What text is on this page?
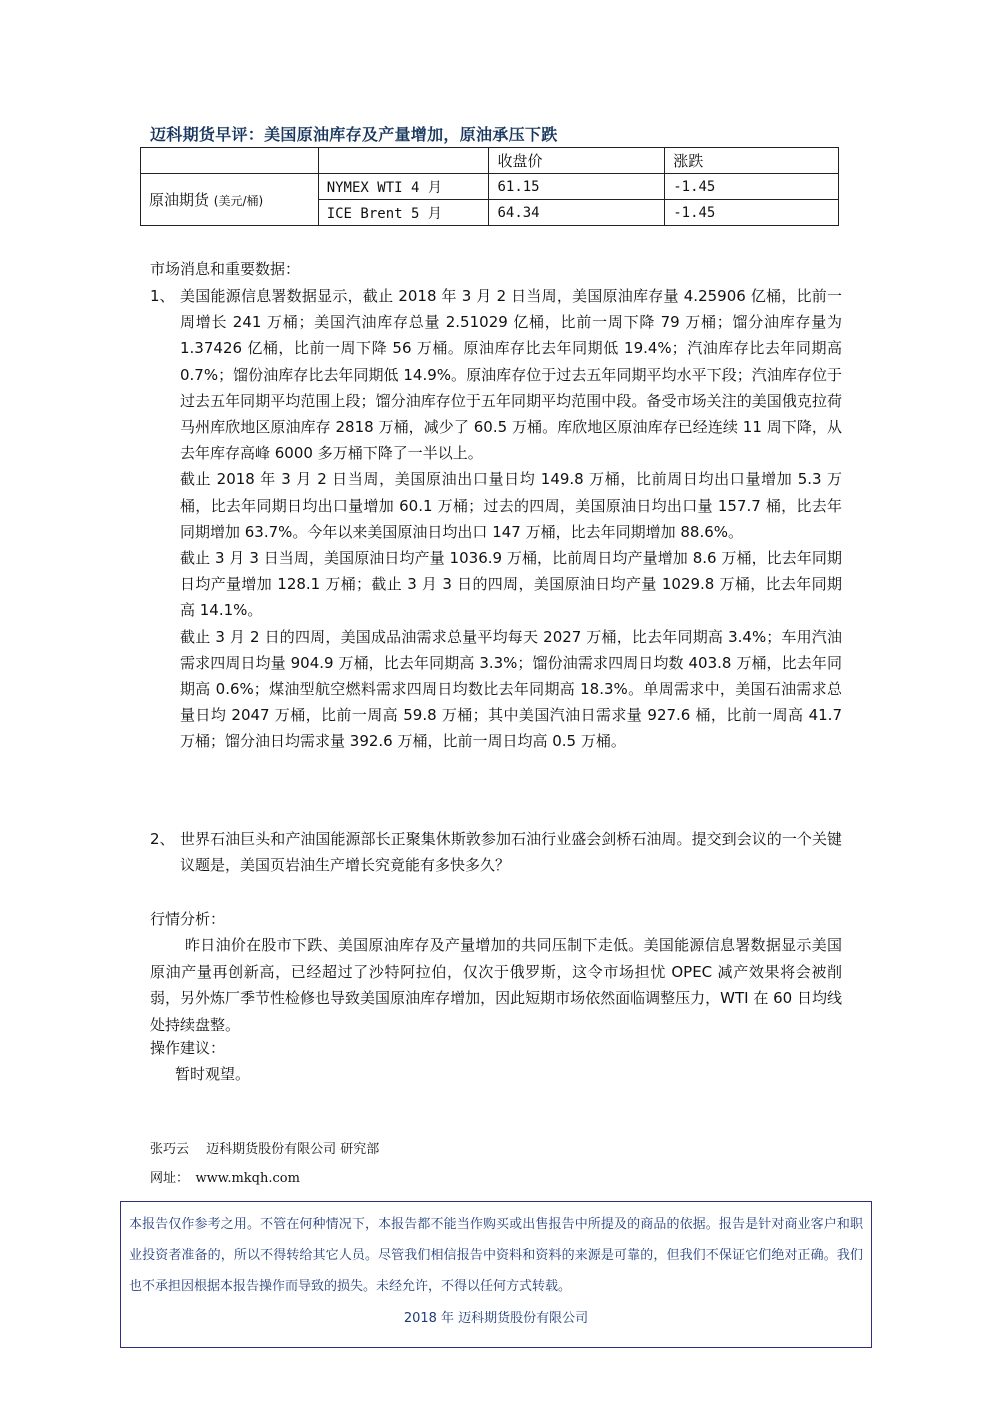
迈科期货早评：美国原油库存及产量增加，原油承压下跌
		收盘价	涨跌
原油期货 (美元/桶)	NYMEX WTI 4 月	61.15	-1.45
	ICE Brent 5 月	64.34	-1.45
市场消息和重要数据：
1、 美国能源信息署数据显示，截止 2018 年 3 月 2 日当周，美国原油库存量 4.25906 亿桶，比前一周增长 241 万桶；美国汽油库存总量 2.51029 亿桶，比前一周下降 79 万桶；馏分油库存量为 1.37426 亿桶，比前一周下降 56 万桶。原油库存比去年同期低 19.4%；汽油库存比去年同期高 0.7%；馏份油库存比去年同期低 14.9%。原油库存位于过去五年同期平均水平下段；汽油库存位于过去五年同期平均范围上段；馏分油库存位于五年同期平均范围中段。备受市场关注的美国俄克拉荷马州库欣地区原油库存 2818 万桶，减少了 60.5 万桶。库欣地区原油库存已经连续 11 周下降，从去年库存高峰 6000 多万桶下降了一半以上。

截止 2018 年 3 月 2 日当周，美国原油出口量日均 149.8 万桶，比前周日均出口量增加 5.3 万桶，比去年同期日均出口量增加 60.1 万桶；过去的四周，美国原油日均出口量 157.7 桶，比去年同期增加 63.7%。今年以来美国原油日均出口 147 万桶，比去年同期增加 88.6%。

截止 3 月 3 日当周，美国原油日均产量 1036.9 万桶，比前周日均产量增加 8.6 万桶，比去年同期日均产量增加 128.1 万桶；截止 3 月 3 日的四周，美国原油日均产量 1029.8 万桶，比去年同期高 14.1%。

截止 3 月 2 日的四周，美国成品油需求总量平均每天 2027 万桶，比去年同期高 3.4%；车用汽油需求四周日均量 904.9 万桶，比去年同期高 3.3%；馏份油需求四周日均数 403.8 万桶，比去年同期高 0.6%；煤油型航空燃料需求四周日均数比去年同期高 18.3%。单周需求中，美国石油需求总量日均 2047 万桶，比前一周高 59.8 万桶；其中美国汽油日需求量 927.6 桶，比前一周高 41.7 万桶；馏分油日均需求量 392.6 万桶，比前一周日均高 0.5 万桶。

2、 世界石油巨头和产油国能源部长正聚集休斯敦参加石油行业盛会剑桥石油周。提交到会议的一个关键议题是，美国页岩油生产增长究竟能有多快多久？

行情分析：

昨日油价在股市下跌、美国原油库存及产量增加的共同压制下走低。美国能源信息署数据显示美国原油产量再创新高，已经超过了沙特阿拉伯，仅次于俄罗斯，这令市场担忧 OPEC 减产效果将会被削弱，另外炼厂季节性检修也导致美国原油库存增加，因此短期市场依然面临调整压力，WTI 在 60 日均线处持续盘整。

操作建议：
暂时观望。
张巧云　 迈科期货股份有限公司 研究部
网址：　www.mkqh.com
本报告仅作参考之用。不管在何种情况下，本报告都不能当作购买或出售报告中所提及的商品的依据。报告是针对商业客户和职业投资者准备的，所以不得转给其它人员。尽管我们相信报告中资料和资料的来源是可靠的，但我们不保证它们绝对正确。我们也不承担因根据本报告操作而导致的损失。未经允许，不得以任何方式转载。
2018 年 迈科期货股份有限公司
